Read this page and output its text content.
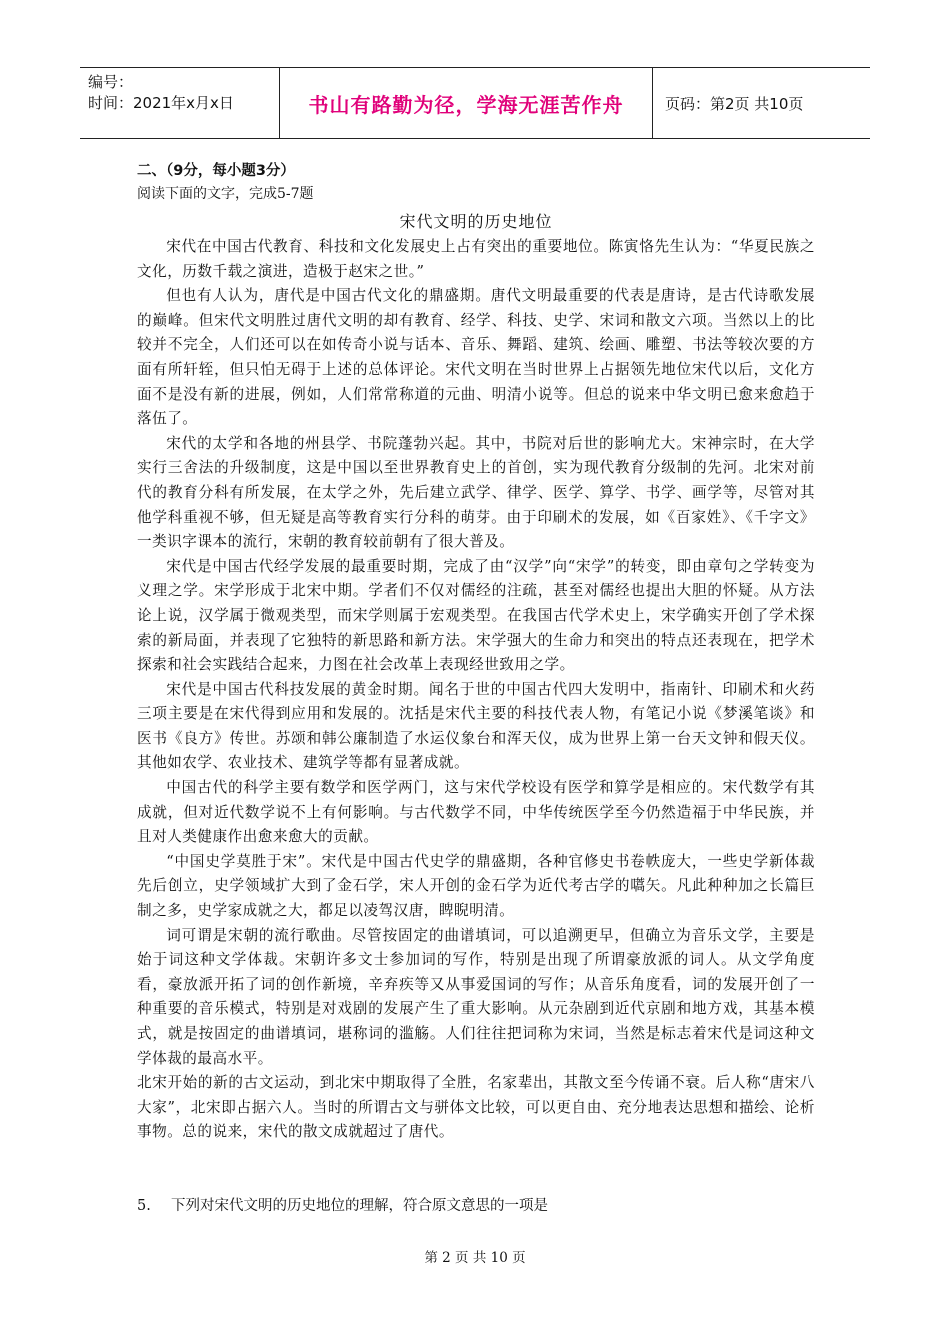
编号：
时间：2021年x月x日	书山有路勤为径，学海无涯苦作舟	页码：第2页 共10页
二、（9分，每小题3分）
阅读下面的文字，完成5-7题
宋代文明的历史地位

宋代在中国古代教育、科技和文化发展史上占有突出的重要地位。陈寅恪先生认为：“华夏民族之文化，历数千载之演进，造极于赵宋之世。”

但也有人认为，唐代是中国古代文化的鼎盛期。唐代文明最重要的代表是唐诗，是古代诗歌发展的巅峰。但宋代文明胜过唐代文明的却有教育、经学、科技、史学、宋词和散文六项。当然以上的比较并不完全，人们还可以在如传奇小说与话本、音乐、舞蹈、建筑、绘画、雕塑、书法等较次要的方面有所轩轾，但只怕无碍于上述的总体评论。宋代文明在当时世界上占据领先地位宋代以后，文化方面不是没有新的进展，例如，人们常常称道的元曲、明清小说等。但总的说来中华文明已愈来愈趋于落伍了。

宋代的太学和各地的州县学、书院蓬勃兴起。其中，书院对后世的影响尤大。宋神宗时，在大学实行三舍法的升级制度，这是中国以至世界教育史上的首创，实为现代教育分级制的先河。北宋对前代的教育分科有所发展，在太学之外，先后建立武学、律学、医学、算学、书学、画学等，尽管对其他学科重视不够，但无疑是高等教育实行分科的萌芽。由于印刷术的发展，如《百家姓》、《千字文》一类识字课本的流行，宋朝的教育较前朝有了很大普及。

宋代是中国古代经学发展的最重要时期，完成了由“汉学”向“宋学”的转变，即由章句之学转变为义理之学。宋学形成于北宋中期。学者们不仅对儒经的注疏，甚至对儒经也提出大胆的怀疑。从方法论上说，汉学属于微观类型，而宋学则属于宏观类型。在我国古代学术史上，宋学确实开创了学术探索的新局面，并表现了它独特的新思路和新方法。宋学强大的生命力和突出的特点还表现在，把学术探索和社会实践结合起来，力图在社会改革上表现经世致用之学。

宋代是中国古代科技发展的黄金时期。闻名于世的中国古代四大发明中，指南针、印刷术和火药三项主要是在宋代得到应用和发展的。沈括是宋代主要的科技代表人物，有笔记小说《梦溪笔谈》和医书《良方》传世。苏颂和韩公廉制造了水运仪象台和浑天仪，成为世界上第一台天文钟和假天仪。其他如农学、农业技术、建筑学等都有显著成就。

中国古代的科学主要有数学和医学两门，这与宋代学校设有医学和算学是相应的。宋代数学有其成就，但对近代数学说不上有何影响。与古代数学不同，中华传统医学至今仍然造福于中华民族，并且对人类健康作出愈来愈大的贡献。

“中国史学莫胜于宋”。宋代是中国古代史学的鼎盛期，各种官修史书卷帙庞大，一些史学新体裁先后创立，史学领域扩大到了金石学，宋人开创的金石学为近代考古学的嚆矢。凡此种种加之长篇巨制之多，史学家成就之大，都足以凌驾汉唐，睥睨明清。

词可谓是宋朝的流行歌曲。尽管按固定的曲谱填词，可以追溯更早，但确立为音乐文学，主要是始于词这种文学体裁。宋朝许多文士参加词的写作，特别是出现了所谓豪放派的词人。从文学角度看，豪放派开拓了词的创作新境，辛弃疾等又从事爱国词的写作；从音乐角度看，词的发展开创了一种重要的音乐模式，特别是对戏剧的发展产生了重大影响。从元杂剧到近代京剧和地方戏，其基本模式，就是按固定的曲谱填词，堪称词的滥觞。人们往往把词称为宋词，当然是标志着宋代是词这种文学体裁的最高水平。

北宋开始的新的古文运动，到北宋中期取得了全胜，名家辈出，其散文至今传诵不衰。后人称“唐宋八大家”，北宋即占据六人。当时的所谓古文与骈体文比较，可以更自由、充分地表达思想和描绘、论析事物。总的说来，宋代的散文成就超过了唐代。

5. 下列对宋代文明的历史地位的理解，符合原文意思的一项是
第 2 页 共 10 页
